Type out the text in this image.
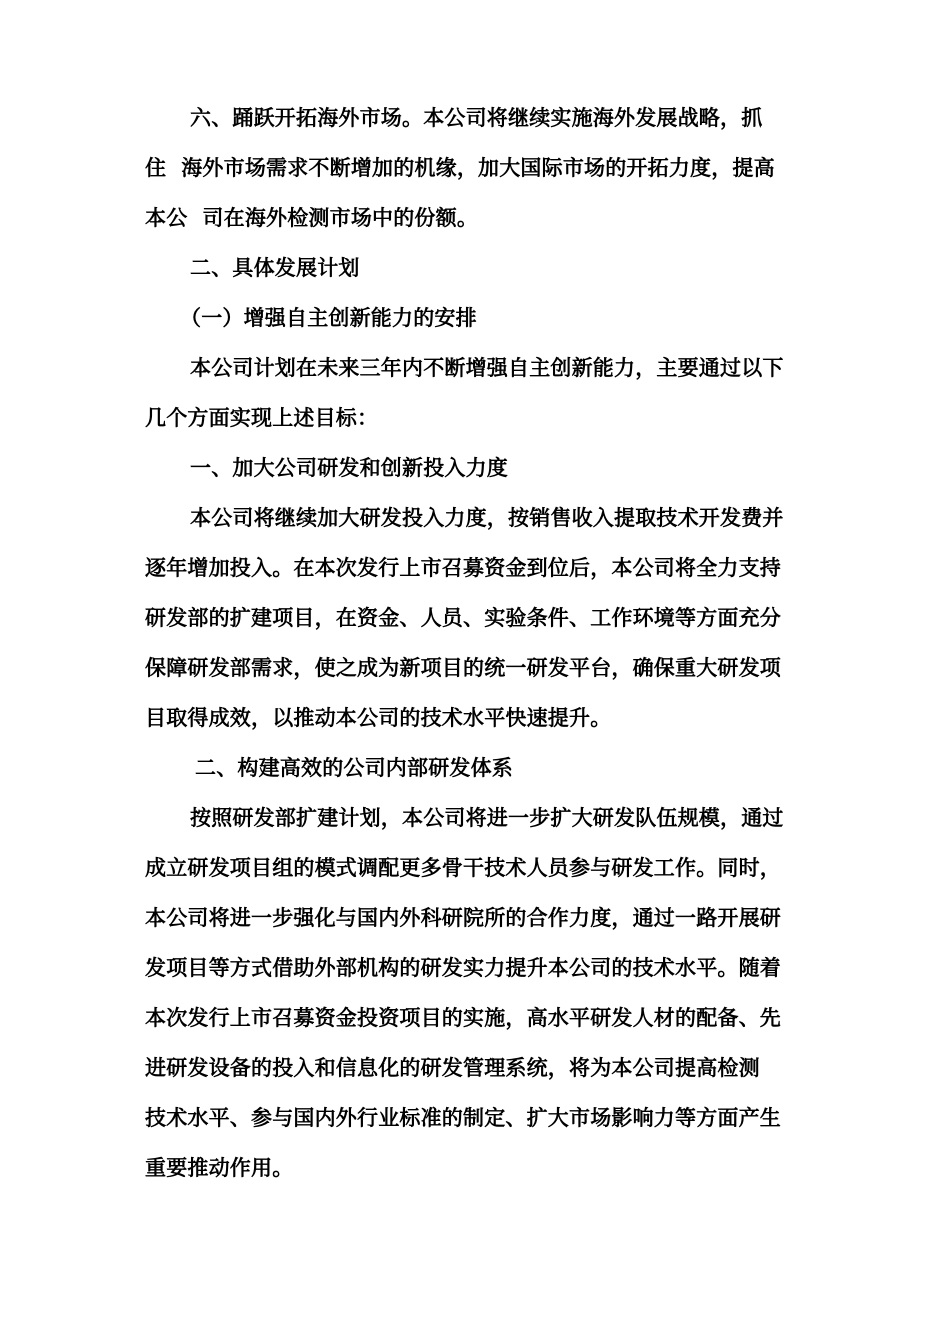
六、踊跃开拓海外市场。本公司将继续实施海外发展战略，抓
住  海外市场需求不断增加的机缘，加大国际市场的开拓力度，提高
本公  司在海外检测市场中的份额。
二、具体发展计划
（一）增强自主创新能力的安排
本公司计划在未来三年内不断增强自主创新能力，主要通过以下
几个方面实现上述目标：
一、加大公司研发和创新投入力度
本公司将继续加大研发投入力度，按销售收入提取技术开发费并
逐年增加投入。在本次发行上市召募资金到位后，本公司将全力支持
研发部的扩建项目，在资金、人员、实验条件、工作环境等方面充分
保障研发部需求，使之成为新项目的统一研发平台，确保重大研发项
目取得成效，以推动本公司的技术水平快速提升。
二、构建高效的公司内部研发体系
按照研发部扩建计划，本公司将进一步扩大研发队伍规模，通过
成立研发项目组的模式调配更多骨干技术人员参与研发工作。同时，
本公司将进一步强化与国内外科研院所的合作力度，通过一路开展研
发项目等方式借助外部机构的研发实力提升本公司的技术水平。随着
本次发行上市召募资金投资项目的实施，高水平研发人材的配备、先
进研发设备的投入和信息化的研发管理系统，将为本公司提高检测
技术水平、参与国内外行业标准的制定、扩大市场影响力等方面产生
重要推动作用。
